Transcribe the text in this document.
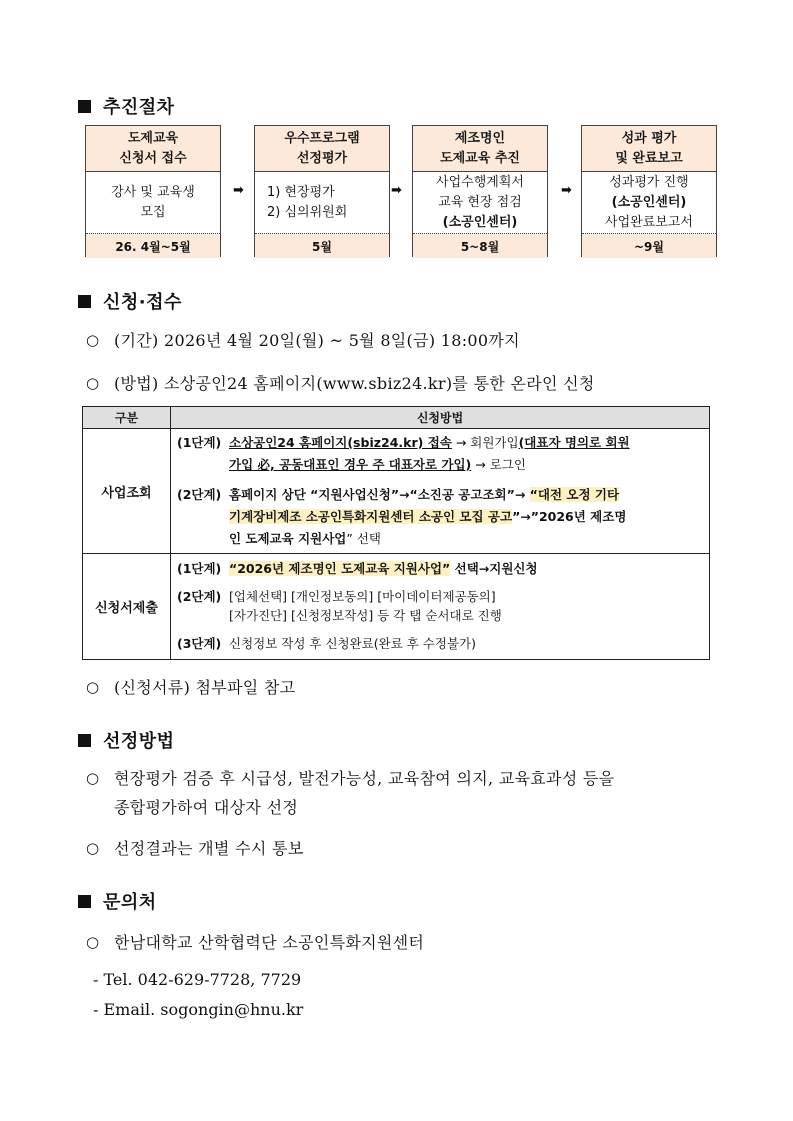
추진절차
도제교육
신청서 접수
강사 및 교육생
모집
26. 4월~5월
➡
우수프로그램
선정평가
1) 현장평가
2) 심의위원회
5월
➡
제조명인
도제교육 추진
사업수행계획서
교육 현장 점검
(소공인센터)
5~8월
➡
성과 평가
및 완료보고
성과평가 진행
(소공인센터)
사업완료보고서
~9월
신청·접수
○ (기간) 2026년 4월 20일(월) ~ 5월 8일(금) 18:00까지
○ (방법) 소상공인24 홈페이지(www.sbiz24.kr)를 통한 온라인 신청
구분	신청방법
사업조회
신청서제출
(1단계) 소상공인24 홈페이지(sbiz24.kr) 접속 → 회원가입(대표자 명의로 회원
가입 必, 공동대표인 경우 주 대표자로 가입) → 로그인
(2단계) 홈페이지 상단 “지원사업신청”→“소진공 공고조회”→ “대전 오정 기타
기계장비제조 소공인특화지원센터 소공인 모집 공고”→”2026년 제조명
인 도제교육 지원사업” 선택
(1단계) “2026년 제조명인 도제교육 지원사업” 선택→지원신청
(2단계) [업체선택] [개인정보동의] [마이데이터제공동의]
[자가진단] [신청정보작성] 등 각 탭 순서대로 진행
(3단계) 신청정보 작성 후 신청완료(완료 후 수정불가)
○ (신청서류) 첨부파일 참고
선정방법
○ 현장평가 검증 후 시급성, 발전가능성, 교육참여 의지, 교육효과성 등을
종합평가하여 대상자 선정
○ 선정결과는 개별 수시 통보
문의처
○ 한남대학교 산학협력단 소공인특화지원센터
- Tel. 042-629-7728, 7729
- Email. sogongin@hnu.kr
